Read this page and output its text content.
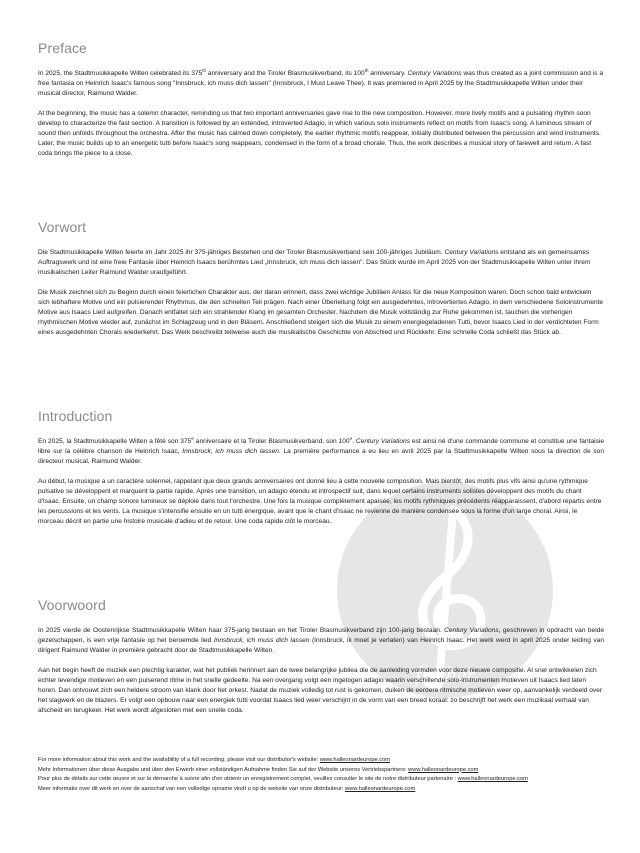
fischer
Preface

In 2025, the Stadtmusikkapelle Wilten celebrated its 375th anniversary and the Tiroler Blasmusikverband, its 100th anniversary. Century Variations was thus created as a joint commission and is a free fantasia on Heinrich Isaac's famous song "Innsbruck, ich muss dich lassen" (Innsbruck, I Must Leave Thee). It was premiered in April 2025 by the Stadtmusikkapelle Wilten under their musical director, Raimund Walder.

At the beginning, the music has a solemn character, reminding us that two important anniversaries gave rise to the new composition. However, more lively motifs and a pulsating rhythm soon develop to characterize the fast section. A transition is followed by an extended, introverted Adagio, in which various solo instruments reflect on motifs from Isaac's song. A luminous stream of sound then unfolds throughout the orchestra. After the music has calmed down completely, the earlier rhythmic motifs reappear, initially distributed between the percussion and wind instruments. Later, the music builds up to an energetic tutti before Isaac's song reappears, condensed in the form of a broad chorale. Thus, the work describes a musical story of farewell and return. A fast coda brings the piece to a close.

Vorwort

Die Stadtmusikkapelle Wilten feierte im Jahr 2025 ihr 375-jähriges Bestehen und der Tiroler Blasmusikverband sein 100-jähriges Jubiläum. Century Variations entstand als ein gemeinsames Auftragswerk und ist eine freie Fantasie über Heinrich Isaacs berühmtes Lied „Innsbruck, ich muss dich lassen". Das Stück wurde im April 2025 von der Stadtmusikkapelle Wilten unter ihrem musikalischen Leiter Raimund Walder uraufgeführt.

Die Musik zeichnet sich zu Beginn durch einen feierlichen Charakter aus, der daran erinnert, dass zwei wichtige Jubiläen Anlass für die neue Komposition waren. Doch schon bald entwickeln sich lebhaftere Motive und ein pulsierender Rhythmus, die den schnellen Teil prägen. Nach einer Überleitung folgt ein ausgedehntes, introvertiertes Adagio, in dem verschiedene Soloinstrumente Motive aus Isaacs Lied aufgreifen. Danach entfaltet sich ein strahlender Klang im gesamten Orchester. Nachdem die Musik vollständig zur Ruhe gekommen ist, tauchen die vorherigen rhythmischen Motive wieder auf, zunächst im Schlagzeug und in den Bläsern. Anschließend steigert sich die Musik zu einem energiegeladenen Tutti, bevor Isaacs Lied in der verdichteten Form eines ausgedehnten Chorals wiederkehrt. Das Werk beschreibt teilweise auch die musikalische Geschichte von Abschied und Rückkehr. Eine schnelle Coda schließt das Stück ab.

Introduction

En 2025, la Stadtmusikkapelle Wilten a fêté son 375e anniversaire et la Tiroler Blasmusikverband, son 100e. Century Variations est ainsi né d'une commande commune et constitue une fantaisie libre sur la célèbre chanson de Heinrich Isaac, Innsbruck, ich muss dich lassen. La première performance a eu lieu en avril 2025 par la Stadtmusikkapelle Wilten sous la direction de son directeur musical, Raimund Walder.

Au début, la musique a un caractère solennel, rappelant que deux grands anniversaires ont donné lieu à cette nouvelle composition. Mais bientôt, des motifs plus vifs ainsi qu'une rythmique pulsative se développent et marquent la partie rapide. Après une transition, un adagio étendu et introspectif suit, dans lequel certains instruments solistes développent des motifs du chant d'Isaac. Ensuite, un champ sonore lumineux se déploie dans tout l'orchestre. Une fois la musique complètement apaisée, les motifs rythmiques précédents réapparaissent, d'abord répartis entre les percussions et les vents. La musique s'intensifie ensuite en un tutti énergique, avant que le chant d'Isaac ne revienne de manière condensée sous la forme d'un large choral. Ainsi, le morceau décrit en partie une histoire musicale d'adieu et de retour. Une coda rapide clôt le morceau.

Voorwoord

In 2025 vierde de Oostenrijkse Stadtmusikkapelle Wilten haar 375-jarig bestaan en het Tiroler Blasmusikverband zijn 100-jarig bestaan. Century Variations, geschreven in opdracht van beide gezelschappen, is een vrije fantasie op het beroemde lied Innsbruck, ich muss dich lassen (Innsbruck, ik moet je verlaten) van Heinrich Isaac. Het werk werd in april 2025 onder leiding van dirigent Raimund Walder in première gebracht door de Stadtmusikkapelle Wilten.

Aan het begin heeft de muziek een plechtig karakter, wat het publiek herinnert aan de twee belangrijke jubilea die de aanleiding vormden voor deze nieuwe compositie. Al snel ontwikkelen zich echter levendige motieven en een pulserend ritme in het snelle gedeelte. Na een overgang volgt een ingetogen adagio waarin verschillende solo-instrumenten motieven uit Isaacs lied laten horen. Dan ontvouwt zich een heldere stroom van klank door het orkest. Nadat de muziek volledig tot rust is gekomen, duiken de eerdere ritmische motieven weer op, aanvankelijk verdeeld over het slagwerk en de blazers. Er volgt een opbouw naar een energiek tutti voordat Isaacs lied weer verschijnt in de vorm van een breed koraal: zo beschrijft het werk een muzikaal verhaal van afscheid en terugkeer. Het werk wordt afgesloten met een snelle coda.

For more information about this work and the availability of a full recording, please visit our distributor's website: www.halleonardeurope.com
Mehr Informationen über diese Ausgabe und über den Erwerb einer vollständigen Aufnahme finden Sie auf der Website unseres Vertriebspartners: www.halleonardeurope.com
Pour plus de détails sur cette œuvre et sur la démarche à suivre afin d'en obtenir un enregistrement complet, veuillez consulter le site de notre distributeur partenaire : www.halleonardeurope.com
Meer informatie over dit werk en over de aanschaf van een volledige opname vindt u op de website van onze distributeur: www.halleonardeurope.com
